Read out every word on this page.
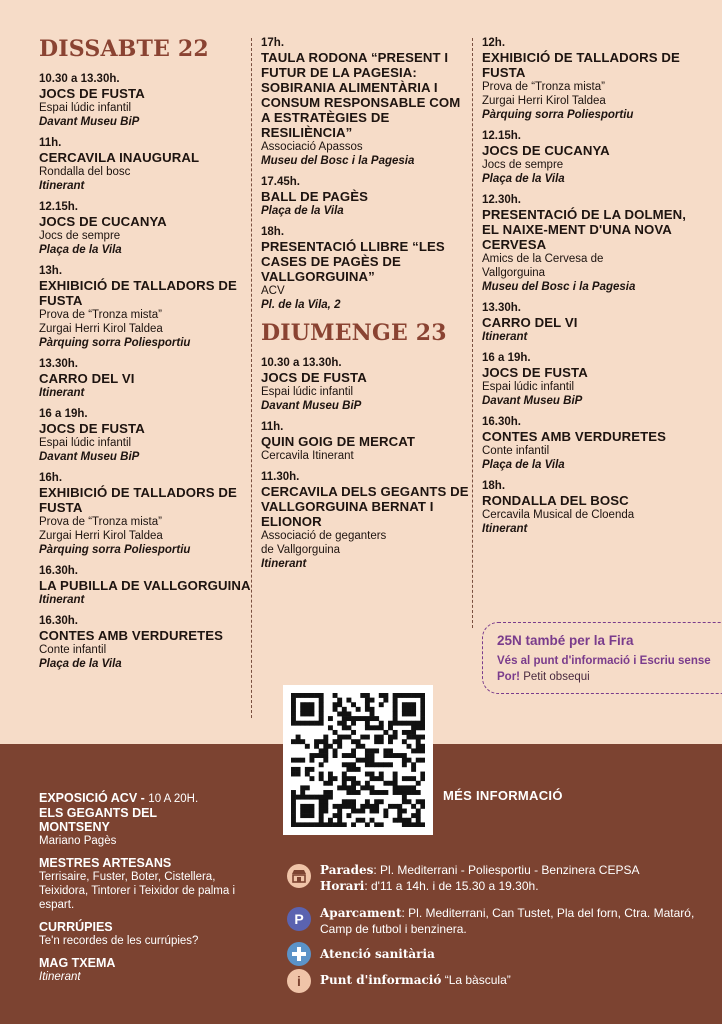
DISSABTE 22
10.30 a 13.30h.
JOCS DE FUSTA
Espai lúdic infantil
Davant Museu BiP
11h.
CERCAVILA INAUGURAL
Rondalla del bosc
Itinerant
12.15h.
JOCS DE CUCANYA
Jocs de sempre
Plaça de la Vila
13h.
EXHIBICIÓ DE TALLADORS DE FUSTA
Prova de “Tronza mista”
Zurgai Herri Kirol Taldea
Pàrquing sorra Poliesportiu
13.30h.
CARRO DEL VI
Itinerant
16 a 19h.
JOCS DE FUSTA
Espai lúdic infantil
Davant Museu BiP
16h.
EXHIBICIÓ DE TALLADORS DE FUSTA
Prova de “Tronza mista”
Zurgai Herri Kirol Taldea
Pàrquing sorra Poliesportiu
16.30h.
LA PUBILLA DE VALLGORGUINA
Itinerant
16.30h.
CONTES AMB VERDURETES
Conte infantil
Plaça de la Vila
17h.
TAULA RODONA “PRESENT I FUTUR DE LA PAGESIA: SOBIRANIA ALIMENTÀRIA I CONSUM RESPONSABLE COM A ESTRATÈGIES DE RESILIÈNCIA”
Associació Apassos
Museu del Bosc i la Pagesia
17.45h.
BALL DE PAGÈS
Plaça de la Vila
18h.
PRESENTACIÓ LLIBRE “LES CASES DE PAGÈS DE VALLGORGUINA”
ACV
Pl. de la Vila, 2
DIUMENGE 23
10.30 a 13.30h.
JOCS DE FUSTA
Espai lúdic infantil
Davant Museu BiP
11h.
QUIN GOIG DE MERCAT
Cercavila Itinerant
11.30h.
CERCAVILA DELS GEGANTS DE VALLGORGUINA BERNAT I ELIONOR
Associació de geganters
de Vallgorguina
Itinerant
12h.
EXHIBICIÓ DE TALLADORS DE FUSTA
Prova de “Tronza mista”
Zurgai Herri Kirol Taldea
Pàrquing sorra Poliesportiu
12.15h.
JOCS DE CUCANYA
Jocs de sempre
Plaça de la Vila
12.30h.
PRESENTACIÓ DE LA DOLMEN, EL NAIXE-MENT D'UNA NOVA CERVESA
Amics de la Cervesa de
Vallgorguina
Museu del Bosc i la Pagesia
13.30h.
CARRO DEL VI
Itinerant
16 a 19h.
JOCS DE FUSTA
Espai lúdic infantil
Davant Museu BiP
16.30h.
CONTES AMB VERDURETES
Conte infantil
Plaça de la Vila
18h.
RONDALLA DEL BOSC
Cercavila Musical de Cloenda
Itinerant
25N també per la Fira
Vés al punt d'informació i Escriu sense Por! Petit obsequi
MÉS INFORMACIÓ
EXPOSICIÓ ACV - 10 A 20H.
ELS GEGANTS DEL MONTSENY
Mariano Pagès
MESTRES ARTESANS
Terrisaire, Fuster, Boter, Cistellera, Teixidora, Tintorer i Teixidor de palma i espart.
CURRÚPIES
Te'n recordes de les currúpies?
MAG TXEMA
Itinerant
Parades: Pl. Mediterrani - Poliesportiu - Benzinera CEPSA
Horari: d'11 a 14h. i de 15.30 a 19.30h.
P	Aparcament: Pl. Mediterrani, Can Tustet, Pla del forn, Ctra. Mataró, Camp de futbol i benzinera.
Atenció sanitària
i	Punt d'informació “La bàscula”
